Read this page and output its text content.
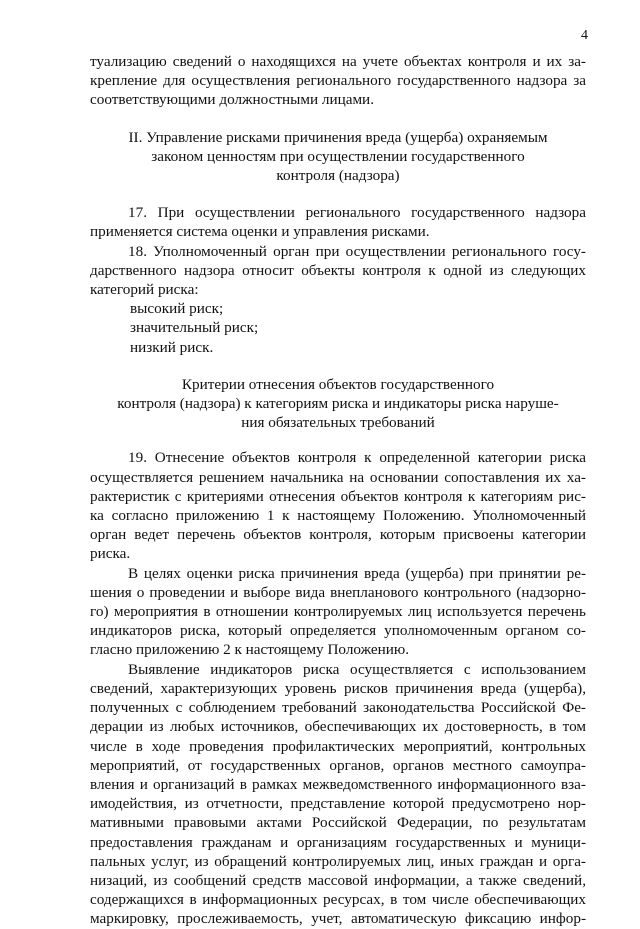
4

туализацию сведений о находящихся на учете объектах контроля и их за-
крепление для осуществления регионального государственного надзора за
соответствующими должностными лицами.

II. Управление рисками причинения вреда (ущерба) охраняемым
законом ценностям при осуществлении государственного
контроля (надзора)

17. При осуществлении регионального государственного надзора
применяется система оценки и управления рисками.

18. Уполномоченный орган при осуществлении регионального госу-
дарственного надзора относит объекты контроля к одной из следующих
категорий риска:

высокий риск;

значительный риск;

низкий риск.

Критерии отнесения объектов государственного
контроля (надзора) к категориям риска и индикаторы риска наруше-
ния обязательных требований

19. Отнесение объектов контроля к определенной категории риска
осуществляется решением начальника на основании сопоставления их ха-
рактеристик с критериями отнесения объектов контроля к категориям рис-
ка согласно приложению 1 к настоящему Положению. Уполномоченный
орган ведет перечень объектов контроля, которым присвоены категории
риска.

В целях оценки риска причинения вреда (ущерба) при принятии ре-
шения о проведении и выборе вида внепланового контрольного (надзорно-
го) мероприятия в отношении контролируемых лиц используется перечень
индикаторов риска, который определяется уполномоченным органом со-
гласно приложению 2 к настоящему Положению.

Выявление индикаторов риска осуществляется с использованием
сведений, характеризующих уровень рисков причинения вреда (ущерба),
полученных с соблюдением требований законодательства Российской Фе-
дерации из любых источников, обеспечивающих их достоверность, в том
числе в ходе проведения профилактических мероприятий, контрольных
мероприятий, от государственных органов, органов местного самоупра-
вления и организаций в рамках межведомственного информационного вза-
имодействия, из отчетности, представление которой предусмотрено нор-
мативными правовыми актами Российской Федерации, по результатам
предоставления гражданам и организациям государственных и муници-
пальных услуг, из обращений контролируемых лиц, иных граждан и орга-
низаций, из сообщений средств массовой информации, а также сведений,
содержащихся в информационных ресурсах, в том числе обеспечивающих
маркировку, прослеживаемость, учет, автоматическую фиксацию инфор-
